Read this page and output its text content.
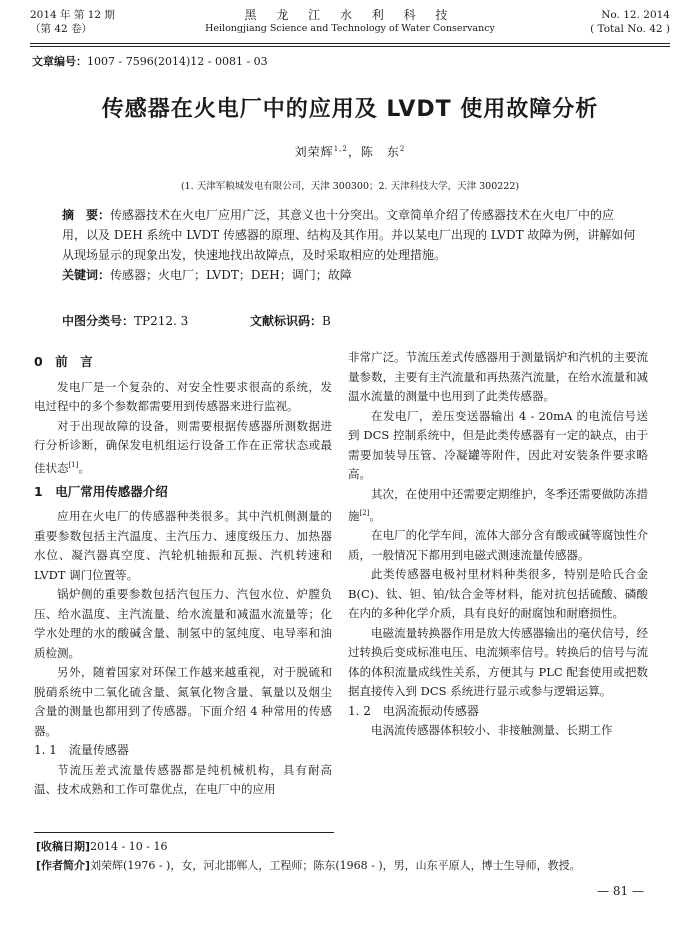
2014 年 第 12 期
（第 42 卷）
黑 龙 江 水 利 科 技
Heilongjiang Science and Technology of Water Conservancy
No. 12. 2014
( Total No. 42 )
文章编号：1007 - 7596(2014)12 - 0081 - 03
传感器在火电厂中的应用及 LVDT 使用故障分析
刘荣辉$^{1,2}$，陈　东$^2$
(1. 天津军粮城发电有限公司，天津 300300；2. 天津科技大学，天津 300222)
摘　要：传感器技术在火电厂应用广泛，其意义也十分突出。文章简单介绍了传感器技术在火电厂中的应用，以及 DEH 系统中 LVDT 传感器的原理、结构及其作用。并以某电厂出现的 LVDT 故障为例，讲解如何从现场显示的现象出发，快速地找出故障点，及时采取相应的处理措施。
关键词：传感器；火电厂；LVDT；DEH；调门；故障
中图分类号：TP212. 3	文献标识码：B
0　前　言

发电厂是一个复杂的、对安全性要求很高的系统，发电过程中的多个参数都需要用到传感器来进行监视。

对于出现故障的设备，则需要根据传感器所测数据进行分析诊断，确保发电机组运行设备工作在正常状态或最佳状态[1]。

1　电厂常用传感器介绍

应用在火电厂的传感器种类很多。其中汽机侧测量的重要参数包括主汽温度、主汽压力、速度级压力、加热器水位、凝汽器真空度、汽轮机轴振和瓦振、汽机转速和 LVDT 调门位置等。

锅炉侧的重要参数包括汽包压力、汽包水位、炉膛负压、给水温度、主汽流量、给水流量和减温水流量等；化学水处理的水的酸碱含量、制氢中的氢纯度、电导率和油质检测。

另外，随着国家对环保工作越来越重视，对于脱硫和脱硝系统中二氧化硫含量、氮氧化物含量、氧量以及烟尘含量的测量也都用到了传感器。下面介绍 4 种常用的传感器。

1. 1　流量传感器

节流压差式流量传感器都是纯机械机构，具有耐高温、技术成熟和工作可靠优点，在电厂中的应用

非常广泛。节流压差式传感器用于测量锅炉和汽机的主要流量参数，主要有主汽流量和再热蒸汽流量，在给水流量和减温水流量的测量中也用到了此类传感器。

在发电厂，差压变送器输出 4 - 20mA 的电流信号送到 DCS 控制系统中，但是此类传感器有一定的缺点，由于需要加装导压管、冷凝罐等附件，因此对安装条件要求略高。

其次，在使用中还需要定期维护，冬季还需要做防冻措施[2]。

在电厂的化学车间，流体大部分含有酸或碱等腐蚀性介质，一般情况下都用到电磁式测速流量传感器。

此类传感器电极衬里材料种类很多，特别是哈氏合金 B(C)、钛、钽、铂/钛合金等材料，能对抗包括硫酸、磷酸在内的多种化学介质，具有良好的耐腐蚀和耐磨损性。

电磁流量转换器作用是放大传感器输出的毫伏信号，经过转换后变成标准电压、电流频率信号。转换后的信号与流体的体积流量成线性关系，方便其与 PLC 配套使用或把数据直接传入到 DCS 系统进行显示或参与逻辑运算。

1. 2　电涡流振动传感器

电涡流传感器体积较小、非接触测量、长期工作

[收稿日期]2014 - 10 - 16
[作者简介]刘荣辉(1976 - )，女，河北邯郸人，工程师；陈东(1968 - )，男，山东平原人，博士生导师，教授。
— 81 —
